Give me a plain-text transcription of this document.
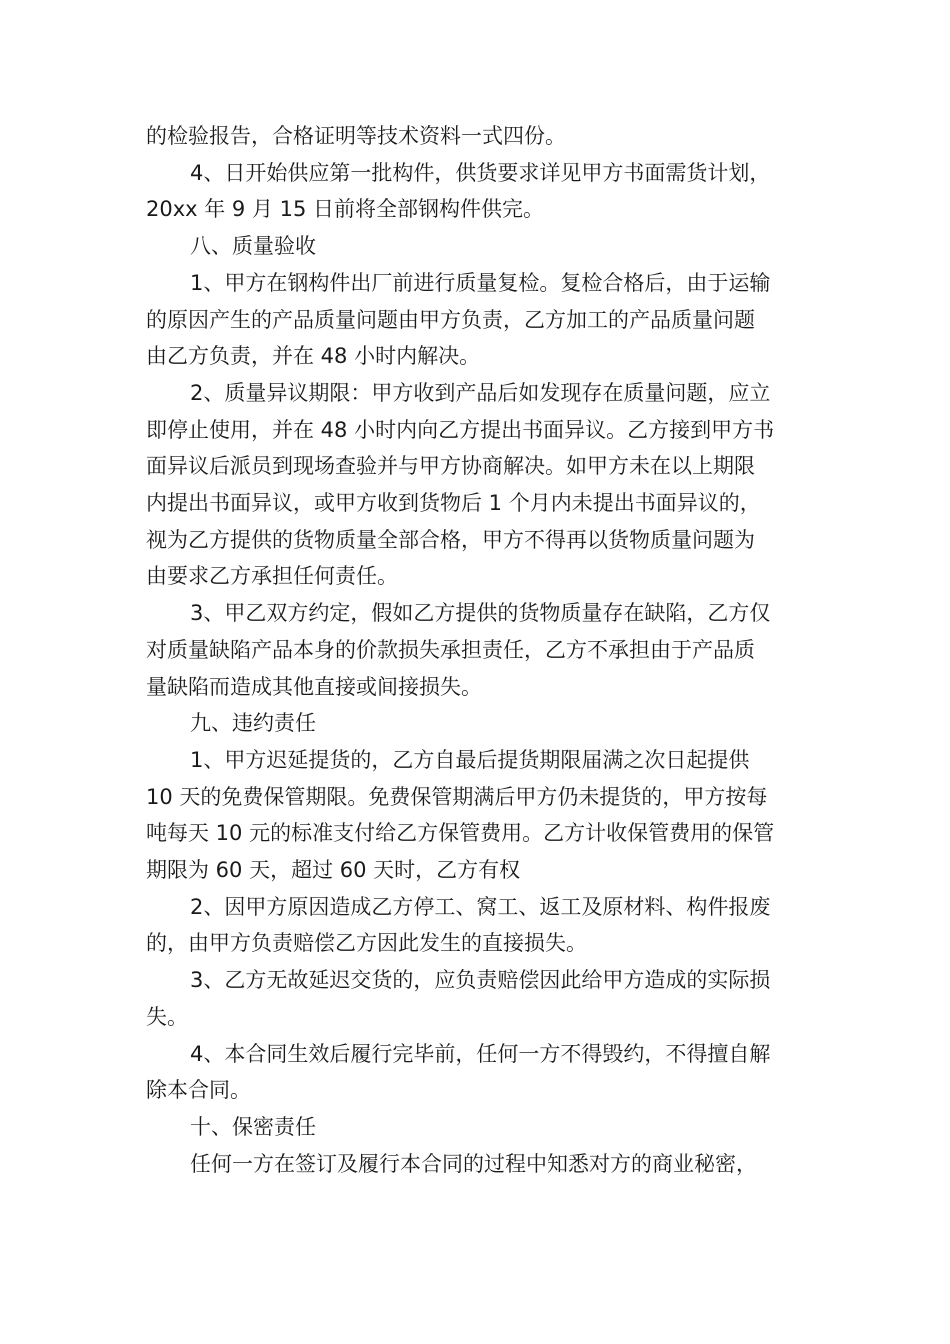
的检验报告，合格证明等技术资料一式四份。
4、日开始供应第一批构件，供货要求详见甲方书面需货计划，
20xx 年 9 月 15 日前将全部钢构件供完。
八、质量验收
1、甲方在钢构件出厂前进行质量复检。复检合格后，由于运输
的原因产生的产品质量问题由甲方负责，乙方加工的产品质量问题
由乙方负责，并在 48 小时内解决。
2、质量异议期限：甲方收到产品后如发现存在质量问题，应立
即停止使用，并在 48 小时内向乙方提出书面异议。乙方接到甲方书
面异议后派员到现场查验并与甲方协商解决。如甲方未在以上期限
内提出书面异议，或甲方收到货物后 1 个月内未提出书面异议的，
视为乙方提供的货物质量全部合格，甲方不得再以货物质量问题为
由要求乙方承担任何责任。
3、甲乙双方约定，假如乙方提供的货物质量存在缺陷，乙方仅
对质量缺陷产品本身的价款损失承担责任，乙方不承担由于产品质
量缺陷而造成其他直接或间接损失。
九、违约责任
1、甲方迟延提货的，乙方自最后提货期限届满之次日起提供
10 天的免费保管期限。免费保管期满后甲方仍未提货的，甲方按每
吨每天 10 元的标准支付给乙方保管费用。乙方计收保管费用的保管
期限为 60 天，超过 60 天时，乙方有权
2、因甲方原因造成乙方停工、窝工、返工及原材料、构件报废
的，由甲方负责赔偿乙方因此发生的直接损失。
3、乙方无故延迟交货的，应负责赔偿因此给甲方造成的实际损
失。
4、本合同生效后履行完毕前，任何一方不得毁约，不得擅自解
除本合同。
十、保密责任
任何一方在签订及履行本合同的过程中知悉对方的商业秘密，
